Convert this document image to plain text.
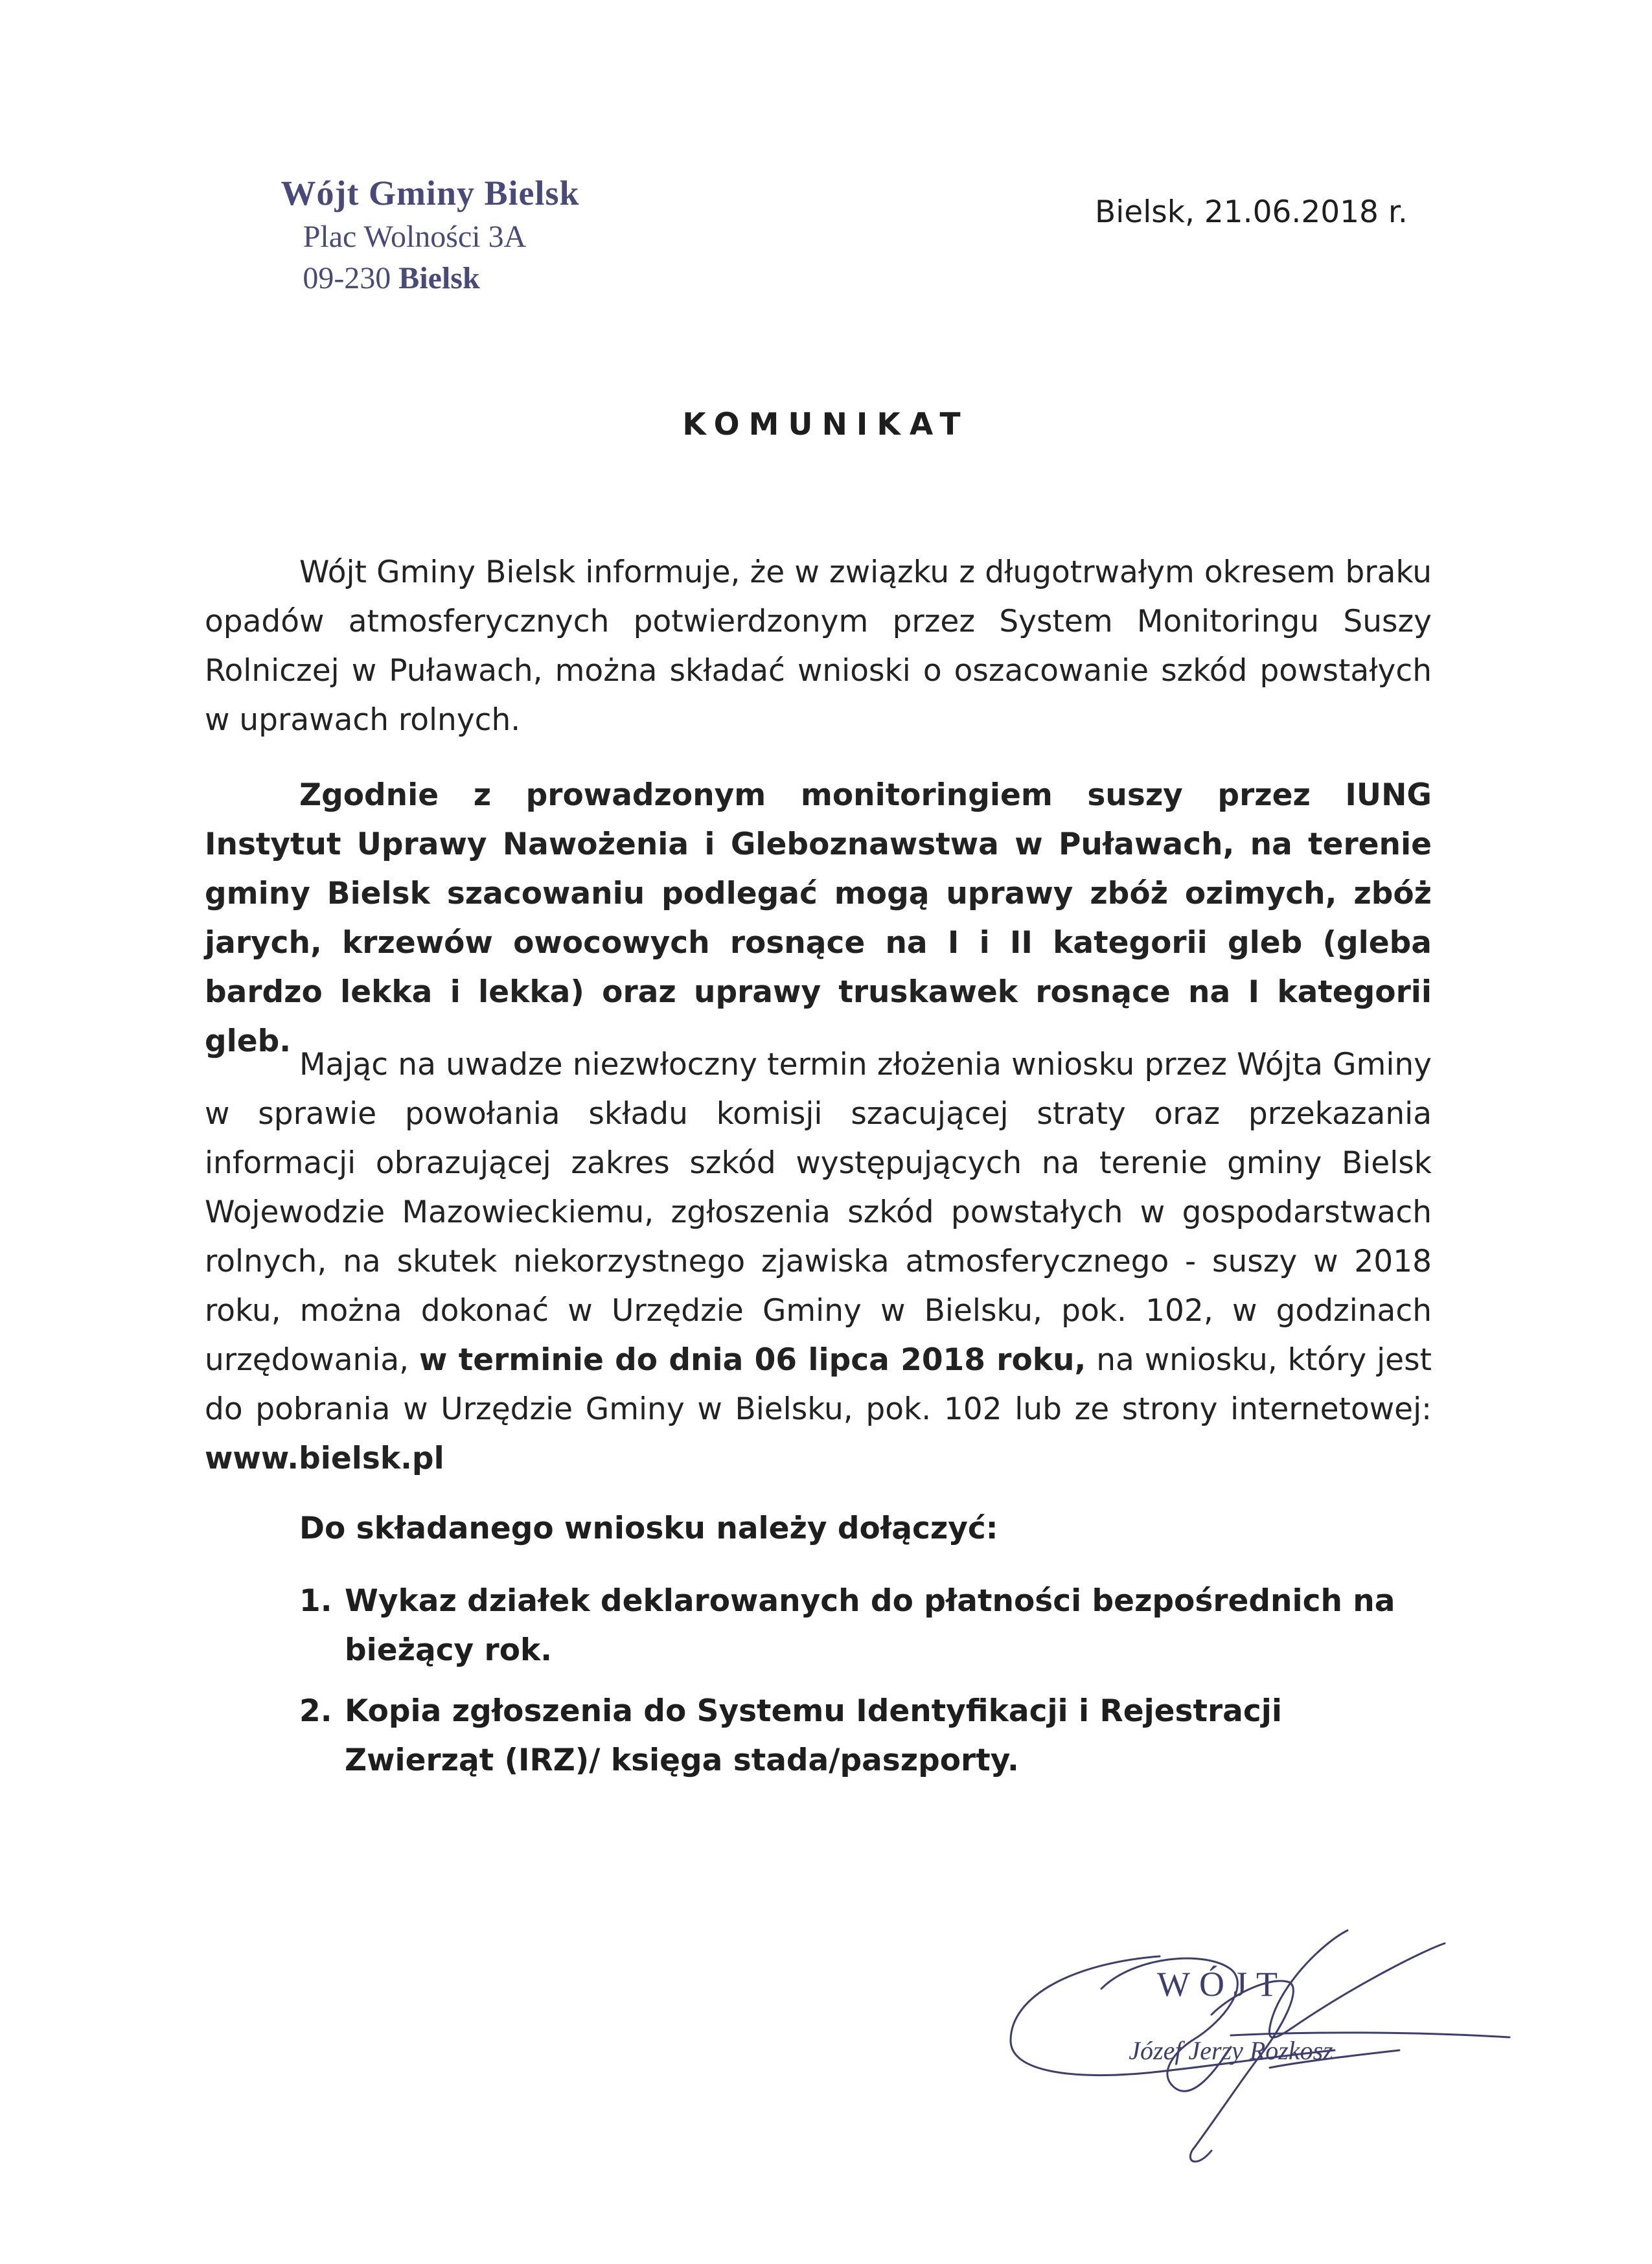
Wójt Gminy Bielsk
Plac Wolności 3A
09-230 Bielsk
Bielsk, 21.06.2018 r.
KOMUNIKAT
Wójt Gminy Bielsk informuje, że w związku z długotrwałym okresem braku opadów atmosferycznych potwierdzonym przez System Monitoringu Suszy Rolniczej w Puławach, można składać wnioski o oszacowanie szkód powstałych w uprawach rolnych.
Zgodnie z prowadzonym monitoringiem suszy przez IUNG Instytut Uprawy Nawożenia i Gleboznawstwa w Puławach, na terenie gminy Bielsk szacowaniu podlegać mogą uprawy zbóż ozimych, zbóż jarych, krzewów owocowych rosnące na I i II kategorii gleb (gleba bardzo lekka i lekka) oraz uprawy truskawek rosnące na I kategorii gleb.
Mając na uwadze niezwłoczny termin złożenia wniosku przez Wójta Gminy w sprawie powołania składu komisji szacującej straty oraz przekazania informacji obrazującej zakres szkód występujących na terenie gminy Bielsk Wojewodzie Mazowieckiemu, zgłoszenia szkód powstałych w gospodarstwach rolnych, na skutek niekorzystnego zjawiska atmosferycznego - suszy w 2018 roku, można dokonać w Urzędzie Gminy w Bielsku, pok. 102, w godzinach urzędowania, w terminie do dnia 06 lipca 2018 roku, na wniosku, który jest do pobrania w Urzędzie Gminy w Bielsku, pok. 102 lub ze strony internetowej: www.bielsk.pl
Do składanego wniosku należy dołączyć:
1. Wykaz działek deklarowanych do płatności bezpośrednich na bieżący rok.
2. Kopia zgłoszenia do Systemu Identyfikacji i Rejestracji Zwierząt (IRZ)/ księga stada/paszporty.
WÓJT
Józef Jerzy Rozkosz
